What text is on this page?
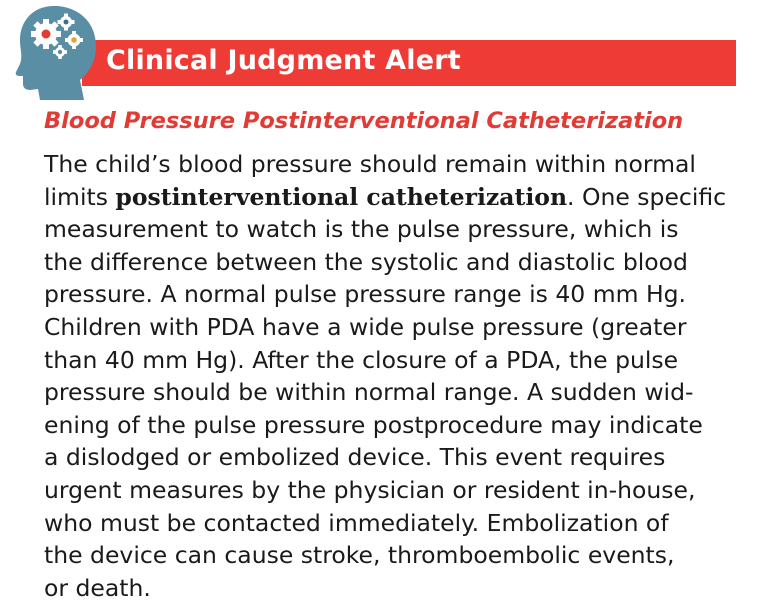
Clinical Judgment Alert
Blood Pressure Postinterventional Catheterization

The child’s blood pressure should remain within normal
limits postinterventional catheterization. One specific
measurement to watch is the pulse pressure, which is
the difference between the systolic and diastolic blood
pressure. A normal pulse pressure range is 40 mm Hg.
Children with PDA have a wide pulse pressure (greater
than 40 mm Hg). After the closure of a PDA, the pulse
pressure should be within normal range. A sudden wid-
ening of the pulse pressure postprocedure may indicate
a dislodged or embolized device. This event requires
urgent measures by the physician or resident in-house,
who must be contacted immediately. Embolization of
the device can cause stroke, thromboembolic events,
or death.
